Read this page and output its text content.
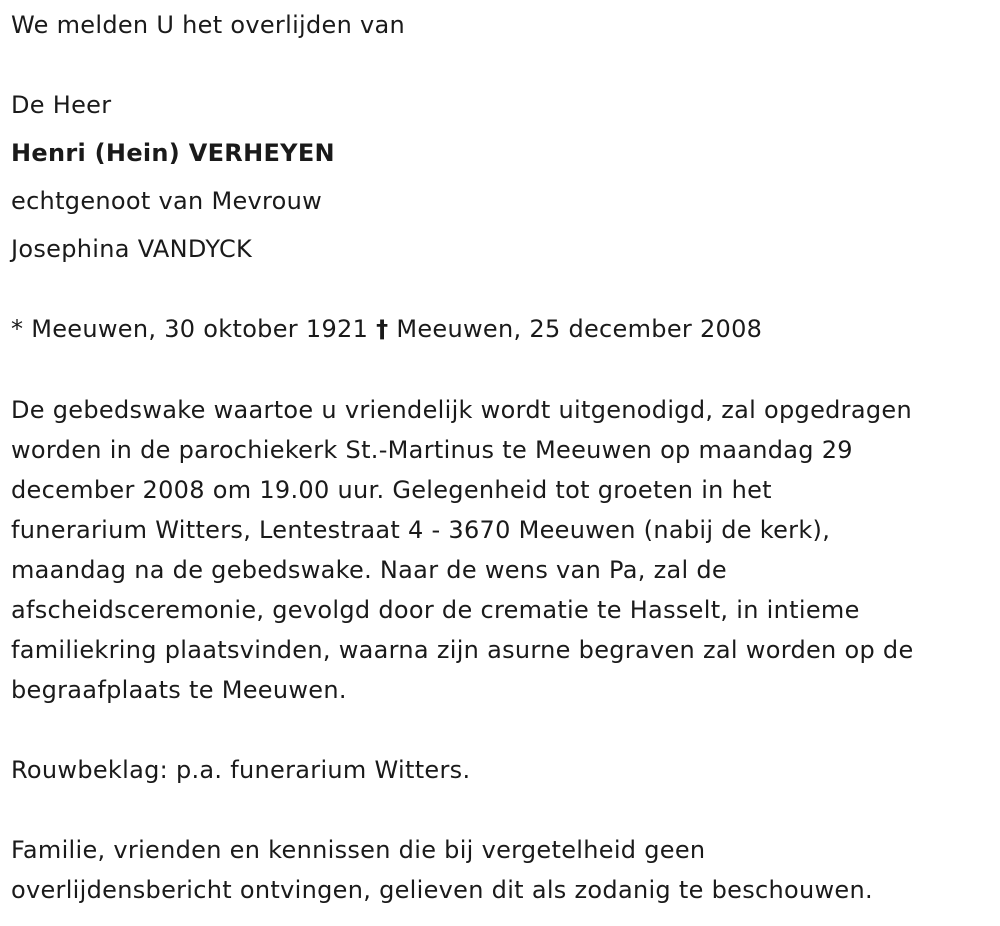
We melden U het overlijden van
De Heer
Henri (Hein) VERHEYEN
echtgenoot van Mevrouw
Josephina VANDYCK
* Meeuwen, 30 oktober 1921 † Meeuwen, 25 december 2008
De gebedswake waartoe u vriendelijk wordt uitgenodigd, zal opgedragen
worden in de parochiekerk St.-Martinus te Meeuwen op maandag 29
december 2008 om 19.00 uur. Gelegenheid tot groeten in het
funerarium Witters, Lentestraat 4 - 3670 Meeuwen (nabij de kerk),
maandag na de gebedswake. Naar de wens van Pa, zal de
afscheidsceremonie, gevolgd door de crematie te Hasselt, in intieme
familiekring plaatsvinden, waarna zijn asurne begraven zal worden op de
begraafplaats te Meeuwen.
Rouwbeklag: p.a. funerarium Witters.
Familie, vrienden en kennissen die bij vergetelheid geen
overlijdensbericht ontvingen, gelieven dit als zodanig te beschouwen.
